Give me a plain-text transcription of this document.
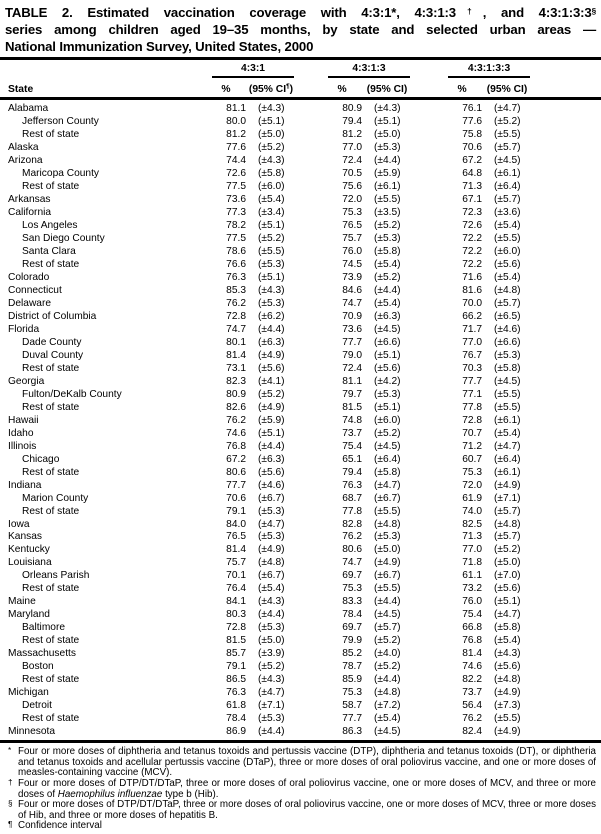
TABLE 2. Estimated vaccination coverage with 4:3:1*, 4:3:1:3†, and 4:3:1:3:3§
series among children aged 19–35 months, by state and selected urban areas —
National Immunization Survey, United States, 2000

	4:3:1			4:3:1:3			4:3:1:3:3		

State	%	(95% CI¶)		%	(95% CI)		%	(95% CI)	
Alabama	81.1	(±4.3)		80.9	(±4.3)		76.1	(±4.7)	
Jefferson County	80.0	(±5.1)		79.4	(±5.1)		77.6	(±5.2)	
Rest of state	81.2	(±5.0)		81.2	(±5.0)		75.8	(±5.5)	
Alaska	77.6	(±5.2)		77.0	(±5.3)		70.6	(±5.7)	
Arizona	74.4	(±4.3)		72.4	(±4.4)		67.2	(±4.5)	
Maricopa County	72.6	(±5.8)		70.5	(±5.9)		64.8	(±6.1)	
Rest of state	77.5	(±6.0)		75.6	(±6.1)		71.3	(±6.4)	
Arkansas	73.6	(±5.4)		72.0	(±5.5)		67.1	(±5.7)	
California	77.3	(±3.4)		75.3	(±3.5)		72.3	(±3.6)	
Los Angeles	78.2	(±5.1)		76.5	(±5.2)		72.6	(±5.4)	
San Diego County	77.5	(±5.2)		75.7	(±5.3)		72.2	(±5.5)	
Santa Clara	78.6	(±5.5)		76.0	(±5.8)		72.2	(±6.0)	
Rest of state	76.6	(±5.3)		74.5	(±5.4)		72.2	(±5.6)	
Colorado	76.3	(±5.1)		73.9	(±5.2)		71.6	(±5.4)	
Connecticut	85.3	(±4.3)		84.6	(±4.4)		81.6	(±4.8)	
Delaware	76.2	(±5.3)		74.7	(±5.4)		70.0	(±5.7)	
District of Columbia	72.8	(±6.2)		70.9	(±6.3)		66.2	(±6.5)	
Florida	74.7	(±4.4)		73.6	(±4.5)		71.7	(±4.6)	
Dade County	80.1	(±6.3)		77.7	(±6.6)		77.0	(±6.6)	
Duval County	81.4	(±4.9)		79.0	(±5.1)		76.7	(±5.3)	
Rest of state	73.1	(±5.6)		72.4	(±5.6)		70.3	(±5.8)	
Georgia	82.3	(±4.1)		81.1	(±4.2)		77.7	(±4.5)	
Fulton/DeKalb County	80.9	(±5.2)		79.7	(±5.3)		77.1	(±5.5)	
Rest of state	82.6	(±4.9)		81.5	(±5.1)		77.8	(±5.5)	
Hawaii	76.2	(±5.9)		74.8	(±6.0)		72.8	(±6.1)	
Idaho	74.6	(±5.1)		73.7	(±5.2)		70.7	(±5.4)	
Illinois	76.8	(±4.4)		75.4	(±4.5)		71.2	(±4.7)	
Chicago	67.2	(±6.3)		65.1	(±6.4)		60.7	(±6.4)	
Rest of state	80.6	(±5.6)		79.4	(±5.8)		75.3	(±6.1)	
Indiana	77.7	(±4.6)		76.3	(±4.7)		72.0	(±4.9)	
Marion County	70.6	(±6.7)		68.7	(±6.7)		61.9	(±7.1)	
Rest of state	79.1	(±5.3)		77.8	(±5.5)		74.0	(±5.7)	
Iowa	84.0	(±4.7)		82.8	(±4.8)		82.5	(±4.8)	
Kansas	76.5	(±5.3)		76.2	(±5.3)		71.3	(±5.7)	
Kentucky	81.4	(±4.9)		80.6	(±5.0)		77.0	(±5.2)	
Louisiana	75.7	(±4.8)		74.7	(±4.9)		71.8	(±5.0)	
Orleans Parish	70.1	(±6.7)		69.7	(±6.7)		61.1	(±7.0)	
Rest of state	76.4	(±5.4)		75.3	(±5.5)		73.2	(±5.6)	
Maine	84.1	(±4.3)		83.3	(±4.4)		76.0	(±5.1)	
Maryland	80.3	(±4.4)		78.4	(±4.5)		75.4	(±4.7)	
Baltimore	72.8	(±5.3)		69.7	(±5.7)		66.8	(±5.8)	
Rest of state	81.5	(±5.0)		79.9	(±5.2)		76.8	(±5.4)	
Massachusetts	85.7	(±3.9)		85.2	(±4.0)		81.4	(±4.3)	
Boston	79.1	(±5.2)		78.7	(±5.2)		74.6	(±5.6)	
Rest of state	86.5	(±4.3)		85.9	(±4.4)		82.2	(±4.8)	
Michigan	76.3	(±4.7)		75.3	(±4.8)		73.7	(±4.9)	
Detroit	61.8	(±7.1)		58.7	(±7.2)		56.4	(±7.3)	
Rest of state	78.4	(±5.3)		77.7	(±5.4)		76.2	(±5.5)	
Minnesota	86.9	(±4.4)		86.3	(±4.5)		82.4	(±4.9)	
* Four or more doses of diphtheria and tetanus toxoids and pertussis vaccine (DTP), diphtheria and tetanus toxoids (DT), or diphtheria and tetanus toxoids and acellular pertussis vaccine (DTaP), three or more doses of oral poliovirus vaccine, and one or more doses of measles-containing vaccine (MCV).
† Four or more doses of DTP/DT/DTaP, three or more doses of oral poliovirus vaccine, one or more doses of MCV, and three or more doses of Haemophilus influenzae type b (Hib).
§ Four or more doses of DTP/DT/DTaP, three or more doses of oral poliovirus vaccine, one or more doses of MCV, three or more doses of Hib, and three or more doses of hepatitis B.
¶ Confidence interval
